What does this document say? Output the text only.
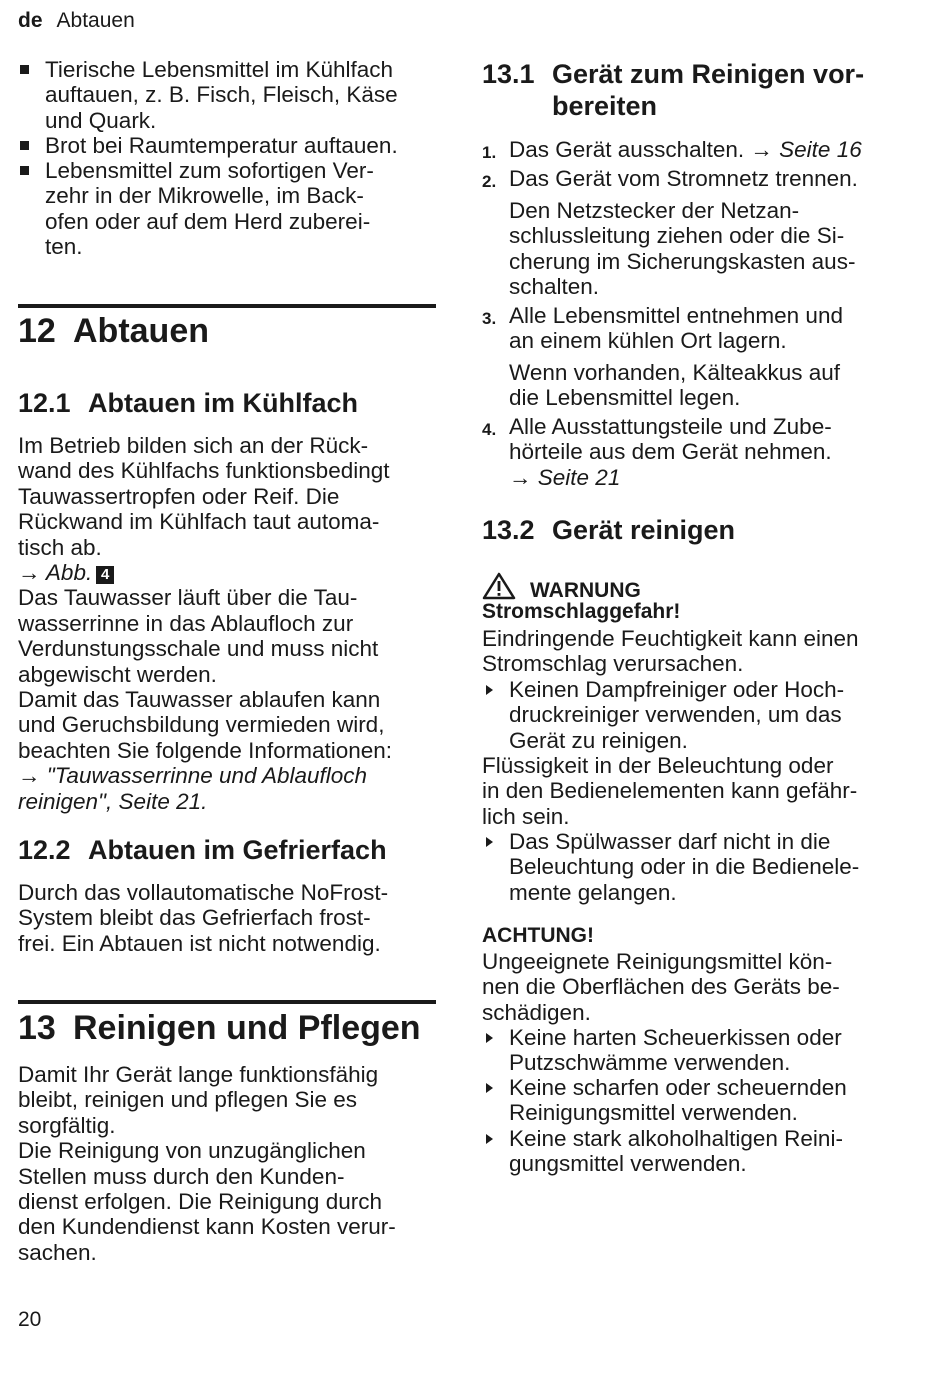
de Abtauen
Tierische Lebensmittel im Kühlfach
auftauen, z. B. Fisch, Fleisch, Käse
und Quark.
Brot bei Raumtemperatur auftauen.
Lebensmittel zum sofortigen Ver-
zehr in der Mikrowelle, im Back-
ofen oder auf dem Herd zuberei-
ten.
12 Abtauen
12.1 Abtauen im Kühlfach

Im Betrieb bilden sich an der Rück-

wand des Kühlfachs funktionsbedingt

Tauwassertropfen oder Reif. Die

Rückwand im Kühlfach taut automa-

tisch ab.

→ Abb. 4

Das Tauwasser läuft über die Tau-

wasserrinne in das Ablaufloch zur

Verdunstungsschale und muss nicht

abgewischt werden.

Damit das Tauwasser ablaufen kann

und Geruchsbildung vermieden wird,

beachten Sie folgende Informationen:

→ "Tauwasserrinne und Ablaufloch

reinigen", Seite 21.

12.2 Abtauen im Gefrierfach

Durch das vollautomatische NoFrost-

System bleibt das Gefrierfach frost-

frei. Ein Abtauen ist nicht notwendig.

13 Reinigen und Pflegen

Damit Ihr Gerät lange funktionsfähig

bleibt, reinigen und pflegen Sie es

sorgfältig.

Die Reinigung von unzugänglichen

Stellen muss durch den Kunden-

dienst erfolgen. Die Reinigung durch

den Kundendienst kann Kosten verur-

sachen.

13.1 Gerät zum Reinigen vor-
bereiten
1. Das Gerät ausschalten. → Seite 16
2. Das Gerät vom Stromnetz trennen.
Den Netzstecker der Netzan-
schlussleitung ziehen oder die Si-
cherung im Sicherungskasten aus-
schalten.
3. Alle Lebensmittel entnehmen und
an einem kühlen Ort lagern.
Wenn vorhanden, Kälteakkus auf
die Lebensmittel legen.
4. Alle Ausstattungsteile und Zube-
hörteile aus dem Gerät nehmen.
→ Seite 21
13.2 Gerät reinigen
WARNUNG
Stromschlaggefahr!

Eindringende Feuchtigkeit kann einen

Stromschlag verursachen.

Keinen Dampfreiniger oder Hoch-
druckreiniger verwenden, um das
Gerät zu reinigen.

Flüssigkeit in der Beleuchtung oder

in den Bedienelementen kann gefähr-

lich sein.

Das Spülwasser darf nicht in die
Beleuchtung oder in die Bedienele-
mente gelangen.
ACHTUNG!

Ungeeignete Reinigungsmittel kön-

nen die Oberflächen des Geräts be-

schädigen.

Keine harten Scheuerkissen oder
Putzschwämme verwenden.
Keine scharfen oder scheuernden
Reinigungsmittel verwenden.
Keine stark alkoholhaltigen Reini-
gungsmittel verwenden.
20
